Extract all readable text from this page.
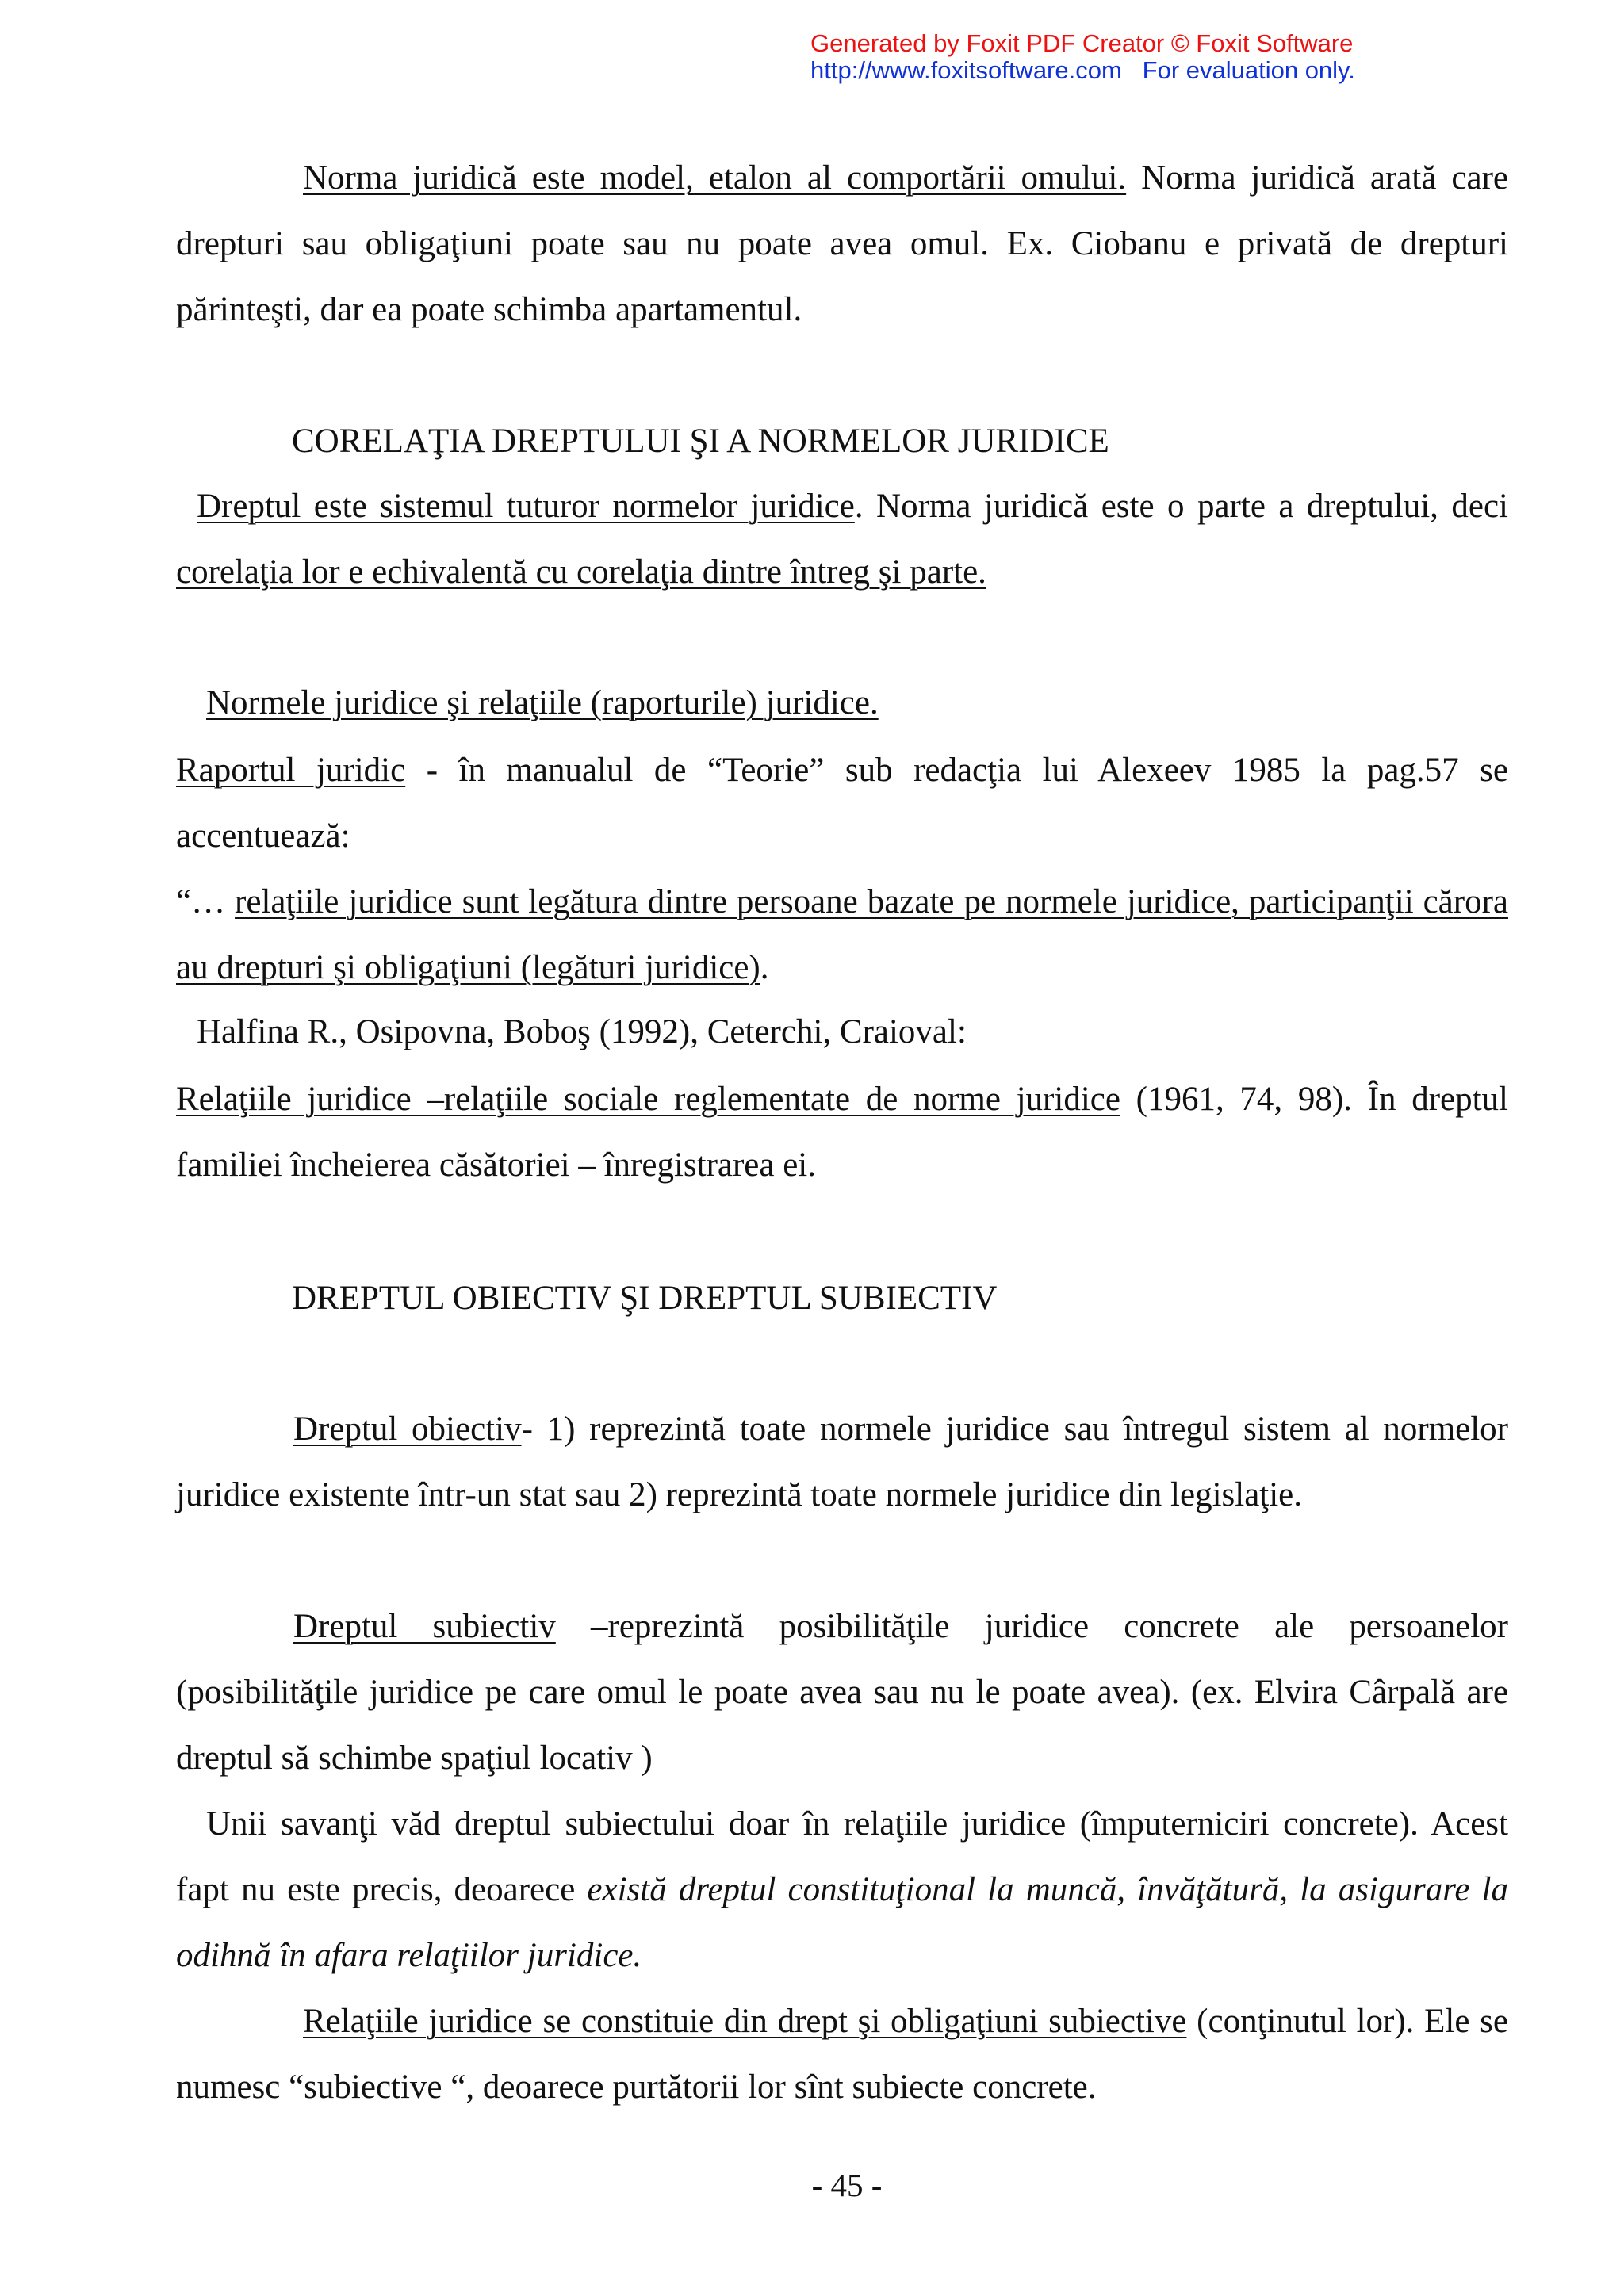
Generated by Foxit PDF Creator © Foxit Software
http://www.foxitsoftware.com   For evaluation only.
Norma juridică este model, etalon al comportării omului. Norma juridică arată care drepturi sau obligaţiuni poate sau nu poate avea omul. Ex. Ciobanu e privată de drepturi părinteşti, dar ea poate schimba apartamentul.
CORELAŢIA DREPTULUI ŞI A NORMELOR JURIDICE
Dreptul este sistemul tuturor normelor juridice. Norma juridică este o parte a dreptului, deci corelaţia lor e echivalentă cu corelaţia dintre întreg şi parte.
Normele juridice şi relaţiile (raporturile) juridice.
Raportul juridic - în manualul de “Teorie” sub redacţia lui Alexeev 1985 la pag.57 se accentuează:
“… relaţiile juridice sunt legătura dintre persoane bazate pe normele juridice, participanţii cărora au drepturi şi obligaţiuni (legături juridice).
Halfina R., Osipovna, Boboş (1992), Ceterchi, Craioval:
Relaţiile juridice –relaţiile sociale reglementate de norme juridice (1961, 74, 98). În dreptul familiei încheierea căsătoriei – înregistrarea ei.
DREPTUL OBIECTIV ŞI DREPTUL SUBIECTIV
Dreptul obiectiv- 1) reprezintă toate normele juridice sau întregul sistem al normelor juridice existente într-un stat sau 2) reprezintă toate normele juridice din legislaţie.
Dreptul subiectiv –reprezintă posibilităţile juridice concrete ale persoanelor (posibilităţile juridice pe care omul le poate avea sau nu le poate avea). (ex. Elvira Cârpală are dreptul să schimbe spaţiul locativ )
Unii savanţi văd dreptul subiectului doar în relaţiile juridice (împuterniciri concrete). Acest fapt nu este precis, deoarece există dreptul constituţional la muncă, învăţătură, la asigurare la odihnă în afara relaţiilor juridice.
Relaţiile juridice se constituie din drept şi obligaţiuni subiective (conţinutul lor). Ele se numesc “subiective “, deoarece purtătorii lor sînt subiecte concrete.
- 45 -
